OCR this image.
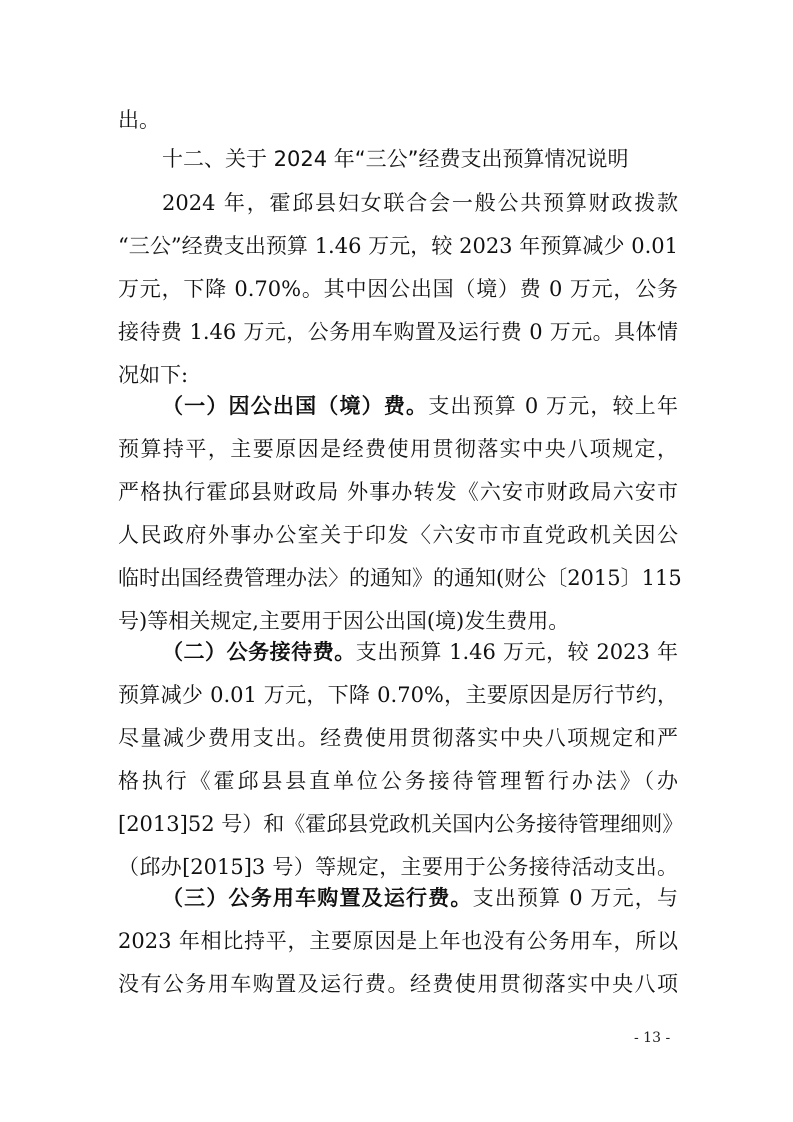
出。
十二、关于 2024 年“三公”经费支出预算情况说明
2024 年，霍邱县妇女联合会一般公共预算财政拨款
“三公”经费支出预算 1.46 万元，较 2023 年预算减少 0.01
万元，下降 0.70%。其中因公出国（境）费 0 万元，公务
接待费 1.46 万元，公务用车购置及运行费 0 万元。具体情
况如下:
（一）因公出国（境）费。支出预算 0 万元，较上年
预算持平，主要原因是经费使用贯彻落实中央八项规定，
严格执行霍邱县财政局 外事办转发《六安市财政局六安市
人民政府外事办公室关于印发〈六安市市直党政机关因公
临时出国经费管理办法〉的通知》的通知(财公〔2015〕115
号)等相关规定,主要用于因公出国(境)发生费用。
（二）公务接待费。支出预算 1.46 万元，较 2023 年
预算减少 0.01 万元，下降 0.70%，主要原因是厉行节约，
尽量减少费用支出。经费使用贯彻落实中央八项规定和严
格执行《霍邱县县直单位公务接待管理暂行办法》（办
[2013]52 号）和《霍邱县党政机关国内公务接待管理细则》
（邱办[2015]3 号）等规定，主要用于公务接待活动支出。
（三）公务用车购置及运行费。支出预算 0 万元，与
2023 年相比持平，主要原因是上年也没有公务用车，所以
没有公务用车购置及运行费。经费使用贯彻落实中央八项
- 13 -
